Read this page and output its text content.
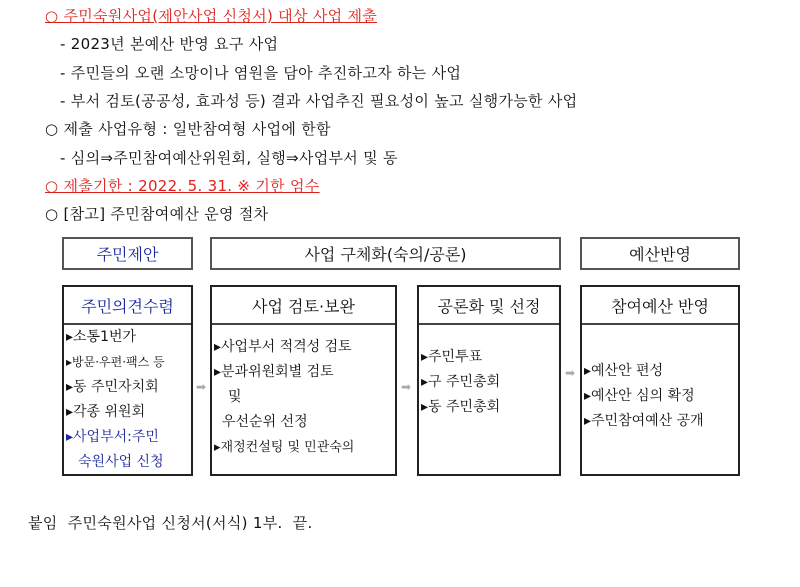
○ 주민숙원사업(제안사업 신청서) 대상 사업 제출
- 2023년 본예산 반영 요구 사업
- 주민들의 오랜 소망이나 염원을 담아 추진하고자 하는 사업
- 부서 검토(공공성, 효과성 등) 결과 사업추진 필요성이 높고 실행가능한 사업
○ 제출 사업유형 : 일반참여형 사업에 한함
- 심의⇒주민참여예산위원회, 실행⇒사업부서 및 동
○ 제출기한 : 2022. 5. 31. ※ 기한 엄수
○ [참고] 주민참여예산 운영 절차
주민제안	사업 구체화(숙의/공론)	예산반영
주민의견수렴
▸소통1번가
▸방문·우편·팩스 등
▸동 주민자치회
▸각종 위원회
▸사업부서:주민
숙원사업 신청
사업 검토·보완
▸사업부서 적격성 검토
▸분과위원회별 검토
및
우선순위 선정
▸재정컨설팅 및 민관숙의
공론화 및 선정
▸주민투표
▸구 주민총회
▸동 주민총회
참여예산 반영
▸예산안 편성
▸예산안 심의 확정
▸주민참여예산 공개
➡	➡
➡
붙임  주민숙원사업 신청서(서식) 1부.  끝.
